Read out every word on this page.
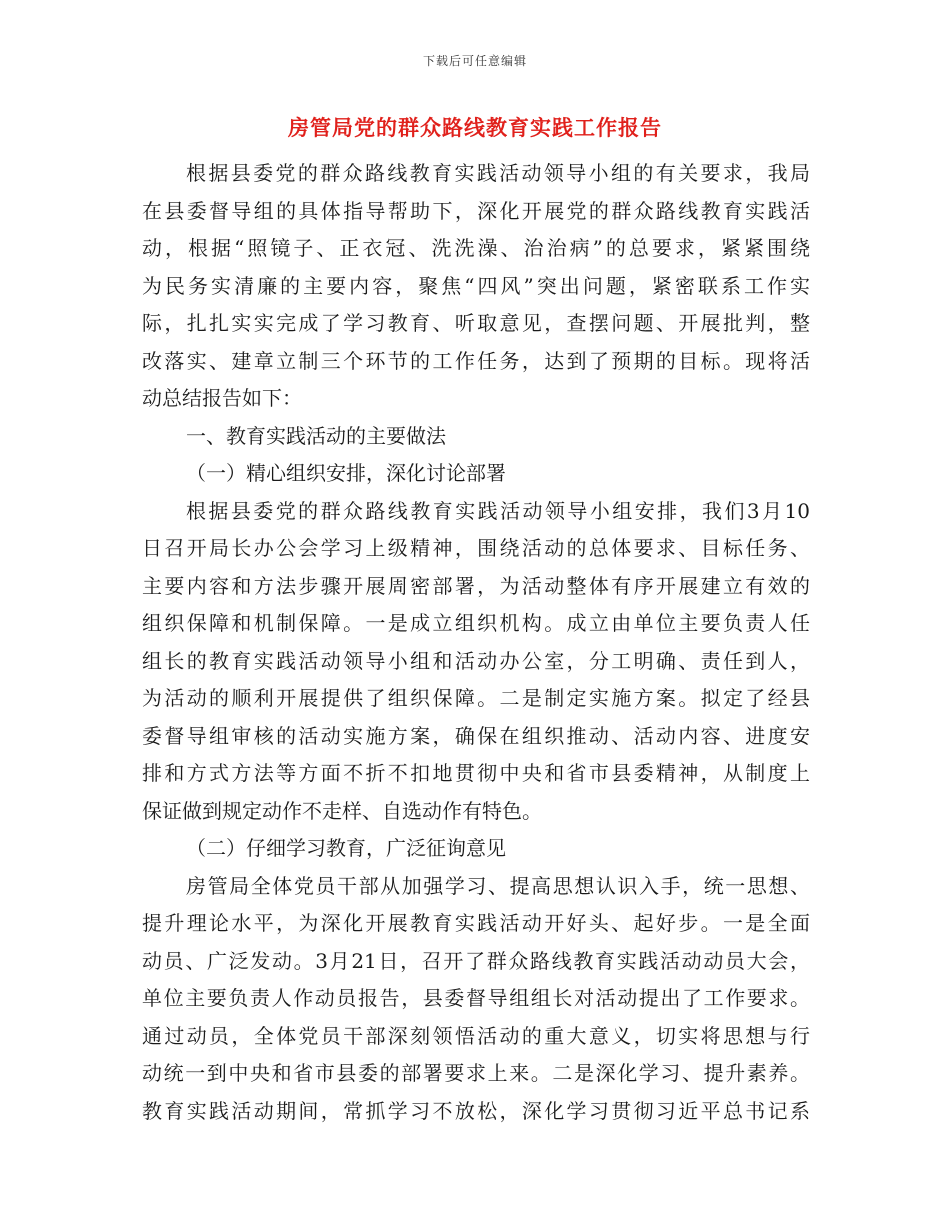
下载后可任意编辑
房管局党的群众路线教育实践工作报告
根据县委党的群众路线教育实践活动领导小组的有关要求，我局
在县委督导组的具体指导帮助下，深化开展党的群众路线教育实践活
动，根据“照镜子、正衣冠、洗洗澡、治治病”的总要求，紧紧围绕
为民务实清廉的主要内容，聚焦“四风”突出问题，紧密联系工作实
际，扎扎实实完成了学习教育、听取意见，查摆问题、开展批判，整
改落实、建章立制三个环节的工作任务，达到了预期的目标。现将活
动总结报告如下：
一、教育实践活动的主要做法
（一）精心组织安排，深化讨论部署
根据县委党的群众路线教育实践活动领导小组安排，我们3月10
日召开局长办公会学习上级精神，围绕活动的总体要求、目标任务、
主要内容和方法步骤开展周密部署，为活动整体有序开展建立有效的
组织保障和机制保障。一是成立组织机构。成立由单位主要负责人任
组长的教育实践活动领导小组和活动办公室，分工明确、责任到人，
为活动的顺利开展提供了组织保障。二是制定实施方案。拟定了经县
委督导组审核的活动实施方案，确保在组织推动、活动内容、进度安
排和方式方法等方面不折不扣地贯彻中央和省市县委精神，从制度上
保证做到规定动作不走样、自选动作有特色。
（二）仔细学习教育，广泛征询意见
房管局全体党员干部从加强学习、提高思想认识入手，统一思想、
提升理论水平，为深化开展教育实践活动开好头、起好步。一是全面
动员、广泛发动。3月21日，召开了群众路线教育实践活动动员大会，
单位主要负责人作动员报告，县委督导组组长对活动提出了工作要求。
通过动员，全体党员干部深刻领悟活动的重大意义，切实将思想与行
动统一到中央和省市县委的部署要求上来。二是深化学习、提升素养。
教育实践活动期间，常抓学习不放松，深化学习贯彻习近平总书记系
